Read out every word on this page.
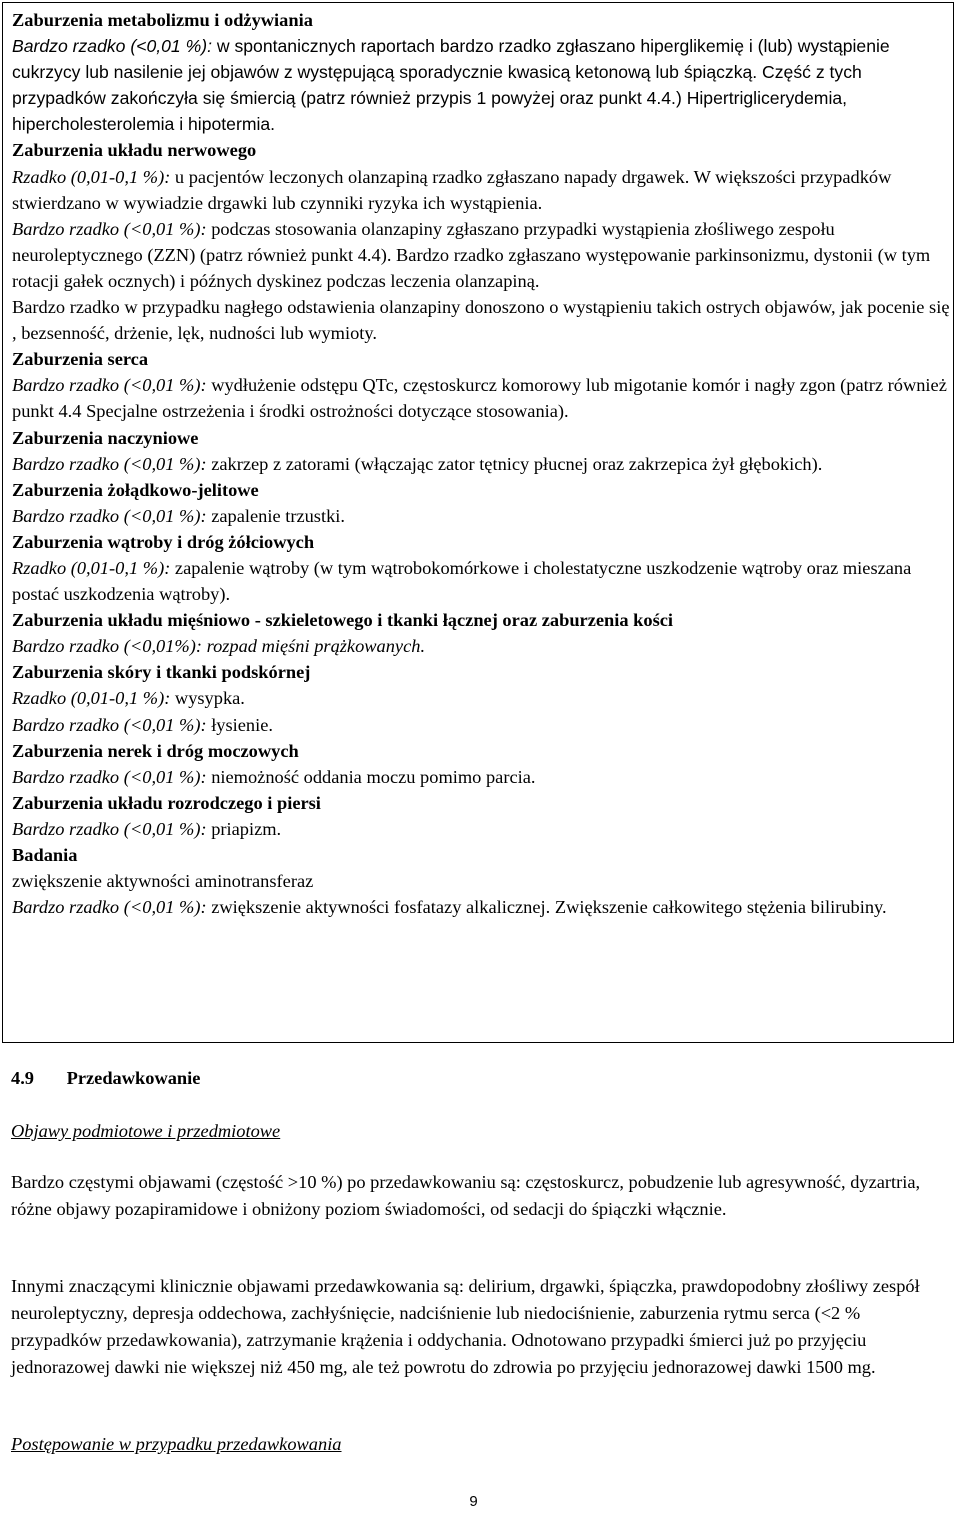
Zaburzenia metabolizmu i odżywiania

Bardzo rzadko (<0,01 %): w spontanicznych raportach bardzo rzadko zgłaszano hiperglikemię i (lub) wystąpienie cukrzycy lub nasilenie jej objawów z występującą sporadycznie kwasicą ketonową lub śpiączką. Część z tych przypadków zakończyła się śmiercią (patrz również przypis 1 powyżej oraz punkt 4.4.) Hipertriglicerydemia, hipercholesterolemia i hipotermia.

Zaburzenia układu nerwowego

Rzadko (0,01-0,1 %): u pacjentów leczonych olanzapiną rzadko zgłaszano napady drgawek. W większości przypadków stwierdzano w wywiadzie drgawki lub czynniki ryzyka ich wystąpienia.

Bardzo rzadko (<0,01 %): podczas stosowania olanzapiny zgłaszano przypadki wystąpienia złośliwego zespołu neuroleptycznego (ZZN) (patrz również punkt 4.4). Bardzo rzadko zgłaszano występowanie parkinsonizmu, dystonii (w tym rotacji gałek ocznych) i późnych dyskinez podczas leczenia olanzapiną.

Bardzo rzadko w przypadku nagłego odstawienia olanzapiny donoszono o wystąpieniu takich ostrych objawów, jak pocenie się , bezsenność, drżenie, lęk, nudności lub wymioty.

Zaburzenia serca

Bardzo rzadko (<0,01 %): wydłużenie odstępu QTc, częstoskurcz komorowy lub migotanie komór i nagły zgon (patrz również punkt 4.4 Specjalne ostrzeżenia i środki ostrożności dotyczące stosowania).

Zaburzenia naczyniowe

Bardzo rzadko (<0,01 %): zakrzep z zatorami (włączając zator tętnicy płucnej oraz zakrzepica żył głębokich).

Zaburzenia żołądkowo-jelitowe

Bardzo rzadko (<0,01 %): zapalenie trzustki.

Zaburzenia wątroby i dróg żółciowych

Rzadko (0,01-0,1 %): zapalenie wątroby (w tym wątrobokomórkowe i cholestatyczne uszkodzenie wątroby oraz mieszana postać uszkodzenia wątroby).

Zaburzenia układu mięśniowo - szkieletowego i tkanki łącznej oraz zaburzenia kości

Bardzo rzadko (<0,01%): rozpad mięśni prążkowanych.

Zaburzenia skóry i tkanki podskórnej

Rzadko (0,01-0,1 %): wysypka.

Bardzo rzadko (<0,01 %): łysienie.

Zaburzenia nerek i dróg moczowych

Bardzo rzadko (<0,01 %): niemożność oddania moczu pomimo parcia.

Zaburzenia układu rozrodczego i piersi

Bardzo rzadko (<0,01 %): priapizm.

Badania

zwiększenie aktywności aminotransferaz

Bardzo rzadko (<0,01 %): zwiększenie aktywności fosfatazy alkalicznej. Zwiększenie całkowitego stężenia bilirubiny.

4.9 Przedawkowanie
Objawy podmiotowe i przedmiotowe
Bardzo częstymi objawami (częstość >10 %) po przedawkowaniu są: częstoskurcz, pobudzenie lub agresywność, dyzartria, różne objawy pozapiramidowe i obniżony poziom świadomości, od sedacji do śpiączki włącznie.
Innymi znaczącymi klinicznie objawami przedawkowania są: delirium, drgawki, śpiączka, prawdopodobny złośliwy zespół neuroleptyczny, depresja oddechowa, zachłyśnięcie, nadciśnienie lub niedociśnienie, zaburzenia rytmu serca (<2 % przypadków przedawkowania), zatrzymanie krążenia i oddychania. Odnotowano przypadki śmierci już po przyjęciu jednorazowej dawki nie większej niż 450 mg, ale też powrotu do zdrowia po przyjęciu jednorazowej dawki 1500 mg.
Postępowanie w przypadku przedawkowania
9
